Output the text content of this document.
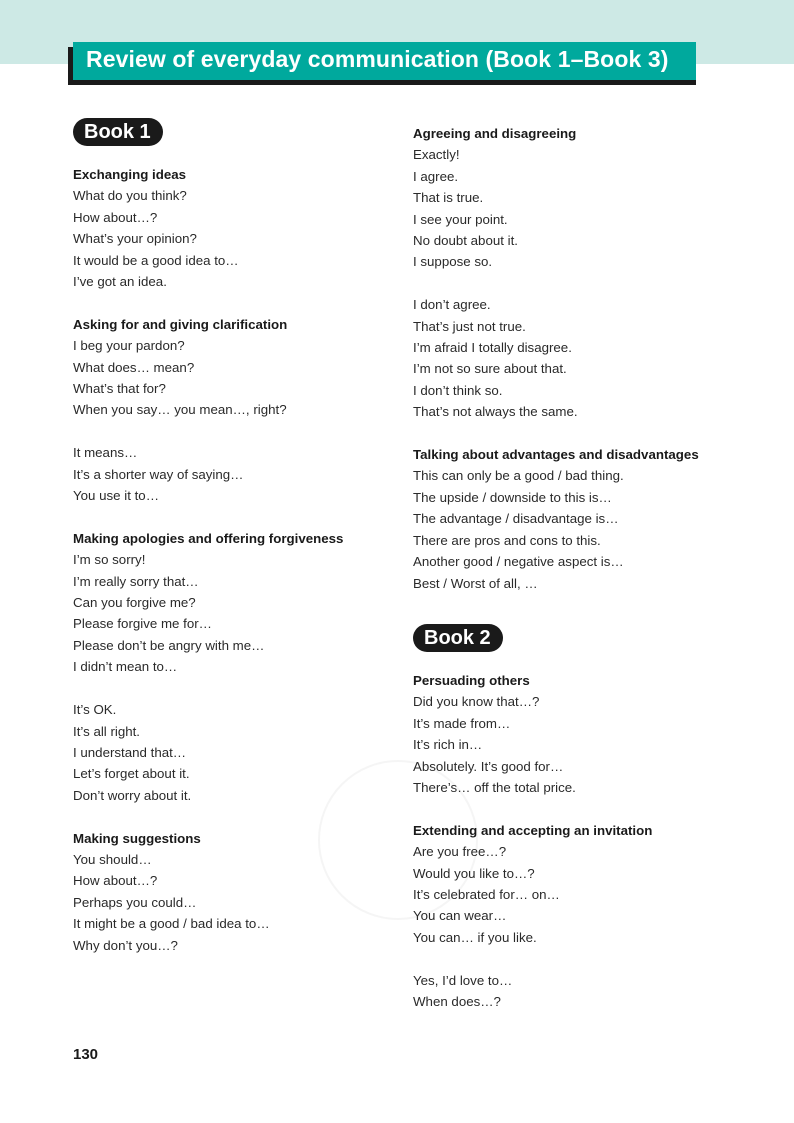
Review of everyday communication (Book 1–Book 3)
Book 1
Exchanging ideas
What do you think?
How about…?
What’s your opinion?
It would be a good idea to…
I’ve got an idea.
Asking for and giving clarification
I beg your pardon?
What does… mean?
What’s that for?
When you say… you mean…, right?
It means…
It’s a shorter way of saying…
You use it to…
Making apologies and offering forgiveness
I’m so sorry!
I’m really sorry that…
Can you forgive me?
Please forgive me for…
Please don’t be angry with me…
I didn’t mean to…
It’s OK.
It’s all right.
I understand that…
Let’s forget about it.
Don’t worry about it.
Making suggestions
You should…
How about…?
Perhaps you could…
It might be a good / bad idea to…
Why don’t you…?
Agreeing and disagreeing
Exactly!
I agree.
That is true.
I see your point.
No doubt about it.
I suppose so.
I don’t agree.
That’s just not true.
I’m afraid I totally disagree.
I’m not so sure about that.
I don’t think so.
That’s not always the same.
Talking about advantages and disadvantages
This can only be a good / bad thing.
The upside / downside to this is…
The advantage / disadvantage is…
There are pros and cons to this.
Another good / negative aspect is…
Best / Worst of all, …
Book 2
Persuading others
Did you know that…?
It’s made from…
It’s rich in…
Absolutely. It’s good for…
There’s… off the total price.
Extending and accepting an invitation
Are you free…?
Would you like to…?
It’s celebrated for… on…
You can wear…
You can… if you like.
Yes, I’d love to…
When does…?
130
